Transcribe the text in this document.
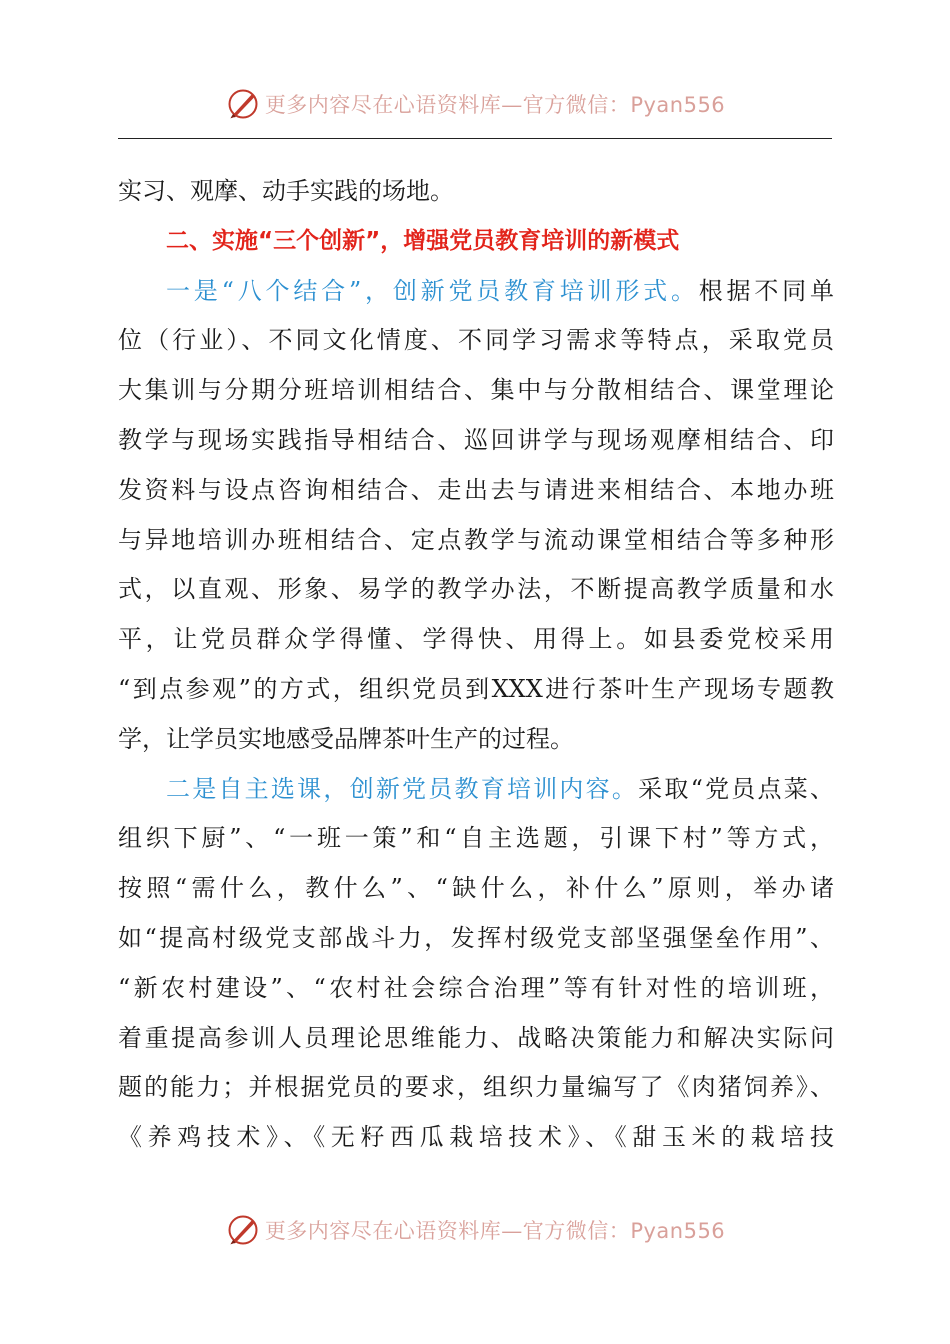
更多内容尽在心语资料库—官方微信：Pyan556
实习、观摩、动手实践的场地。
二、实施“三个创新”，增强党员教育培训的新模式
一是“八个结合”，创新党员教育培训形式。根据不同单
位（行业）、不同文化情度、不同学习需求等特点，采取党员
大集训与分期分班培训相结合、集中与分散相结合、课堂理论
教学与现场实践指导相结合、巡回讲学与现场观摩相结合、印
发资料与设点咨询相结合、走出去与请进来相结合、本地办班
与异地培训办班相结合、定点教学与流动课堂相结合等多种形
式，以直观、形象、易学的教学办法，不断提高教学质量和水
平，让党员群众学得懂、学得快、用得上。如县委党校采用
“到点参观”的方式，组织党员到XXX进行茶叶生产现场专题教
学，让学员实地感受品牌茶叶生产的过程。
二是自主选课，创新党员教育培训内容。采取“党员点菜、
组织下厨”、“一班一策”和“自主选题，引课下村”等方式，
按照“需什么，教什么”、“缺什么，补什么”原则，举办诸
如“提高村级党支部战斗力，发挥村级党支部坚强堡垒作用”、
“新农村建设”、“农村社会综合治理”等有针对性的培训班，
着重提高参训人员理论思维能力、战略决策能力和解决实际问
题的能力；并根据党员的要求，组织力量编写了《肉猪饲养》、
《养鸡技术》、《无籽西瓜栽培技术》、《甜玉米的栽培技
更多内容尽在心语资料库—官方微信：Pyan556
